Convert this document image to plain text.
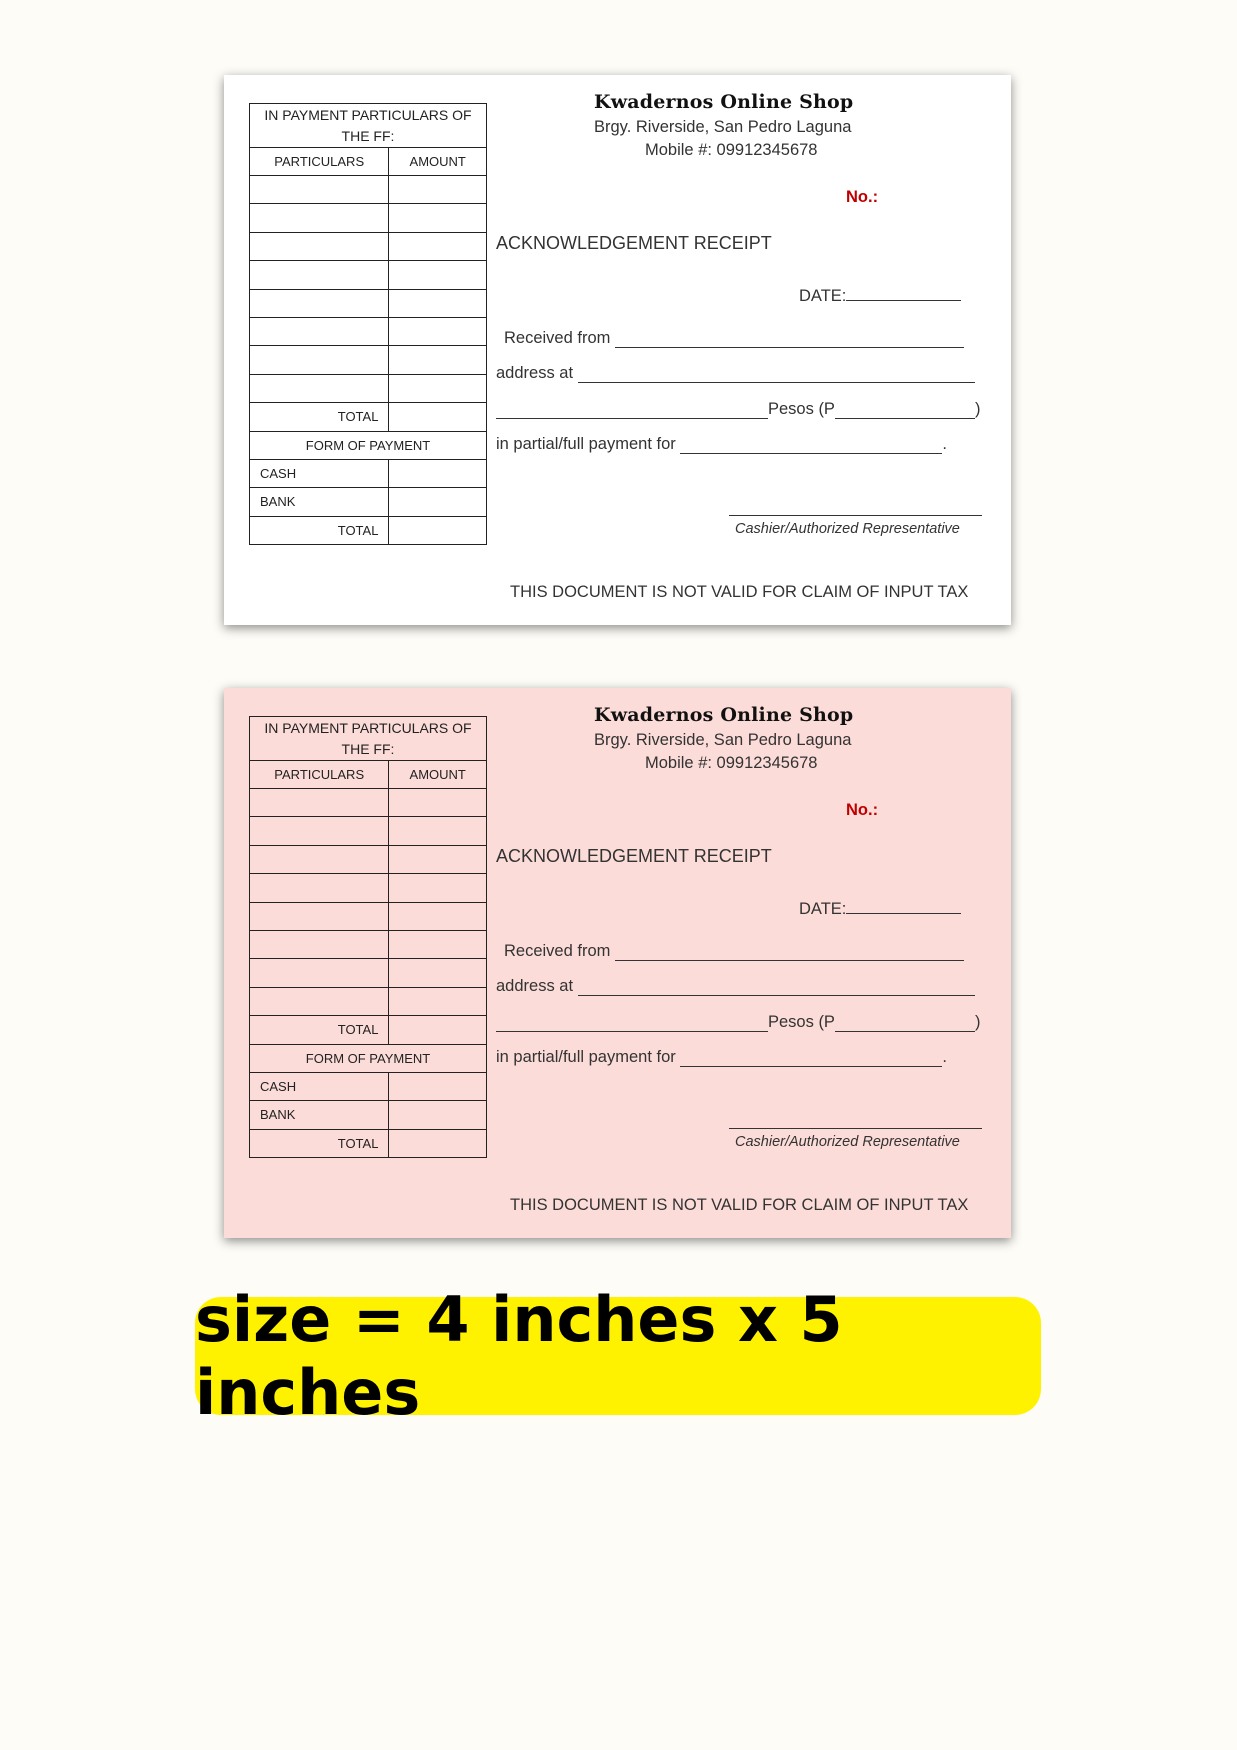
IN PAYMENT PARTICULARS OF THE FF:	
PARTICULARS	AMOUNT

TOTAL	
FORM OF PAYMENT	
CASH	
BANK	
TOTAL	
Kwadernos Online Shop
Brgy. Riverside, San Pedro Laguna
Mobile #: 09912345678
No.:
ACKNOWLEDGEMENT RECEIPT
DATE:
Received from

address at

Pesos (P	)
in partial/full payment for
	.
Cashier/Authorized Representative
THIS DOCUMENT IS NOT VALID FOR CLAIM OF INPUT TAX
IN PAYMENT PARTICULARS OF THE FF:	
PARTICULARS	AMOUNT

TOTAL	
FORM OF PAYMENT	
CASH	
BANK	
TOTAL	
Kwadernos Online Shop
Brgy. Riverside, San Pedro Laguna
Mobile #: 09912345678
No.:
ACKNOWLEDGEMENT RECEIPT
DATE:
Received from

address at

Pesos (P	)
in partial/full payment for
	.
Cashier/Authorized Representative
THIS DOCUMENT IS NOT VALID FOR CLAIM OF INPUT TAX
size = 4 inches x 5 inches
